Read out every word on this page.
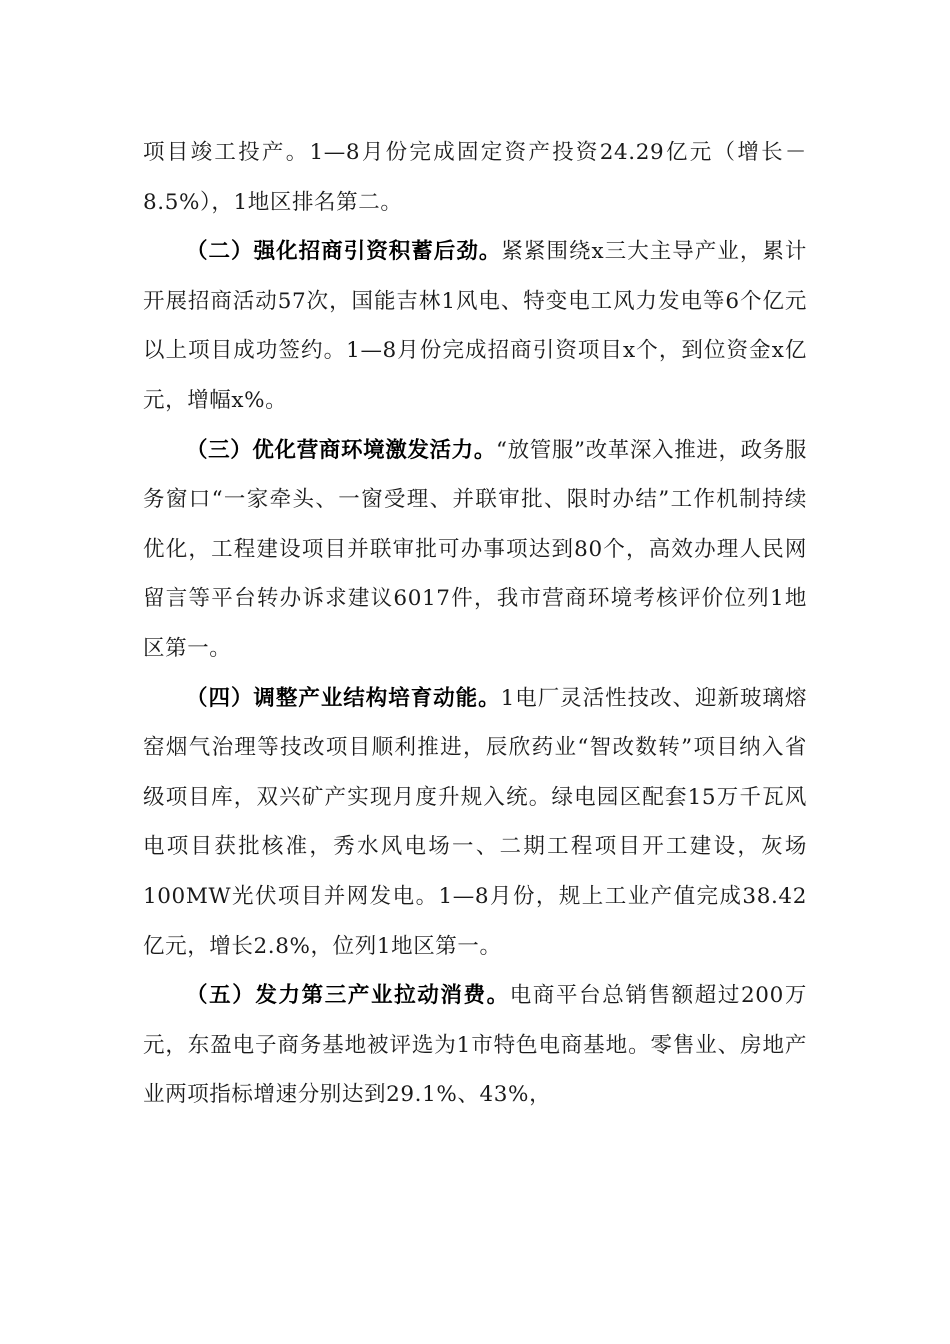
项目竣工投产。1—8月份完成固定资产投资24.29亿元（增长－8.5%），1地区排名第二。

（二）强化招商引资积蓄后劲。紧紧围绕x三大主导产业，累计开展招商活动57次，国能吉林1风电、特变电工风力发电等6个亿元以上项目成功签约。1—8月份完成招商引资项目x个，到位资金x亿元，增幅x%。

（三）优化营商环境激发活力。“放管服”改革深入推进，政务服务窗口“一家牵头、一窗受理、并联审批、限时办结”工作机制持续优化，工程建设项目并联审批可办事项达到80个，高效办理人民网留言等平台转办诉求建议6017件，我市营商环境考核评价位列1地区第一。

（四）调整产业结构培育动能。1电厂灵活性技改、迎新玻璃熔窑烟气治理等技改项目顺利推进，辰欣药业“智改数转”项目纳入省级项目库，双兴矿产实现月度升规入统。绿电园区配套15万千瓦风电项目获批核准，秀水风电场一、二期工程项目开工建设，灰场100MW光伏项目并网发电。1—8月份，规上工业产值完成38.42亿元，增长2.8%，位列1地区第一。

（五）发力第三产业拉动消费。电商平台总销售额超过200万元，东盈电子商务基地被评选为1市特色电商基地。零售业、房地产业两项指标增速分别达到29.1%、43%，
